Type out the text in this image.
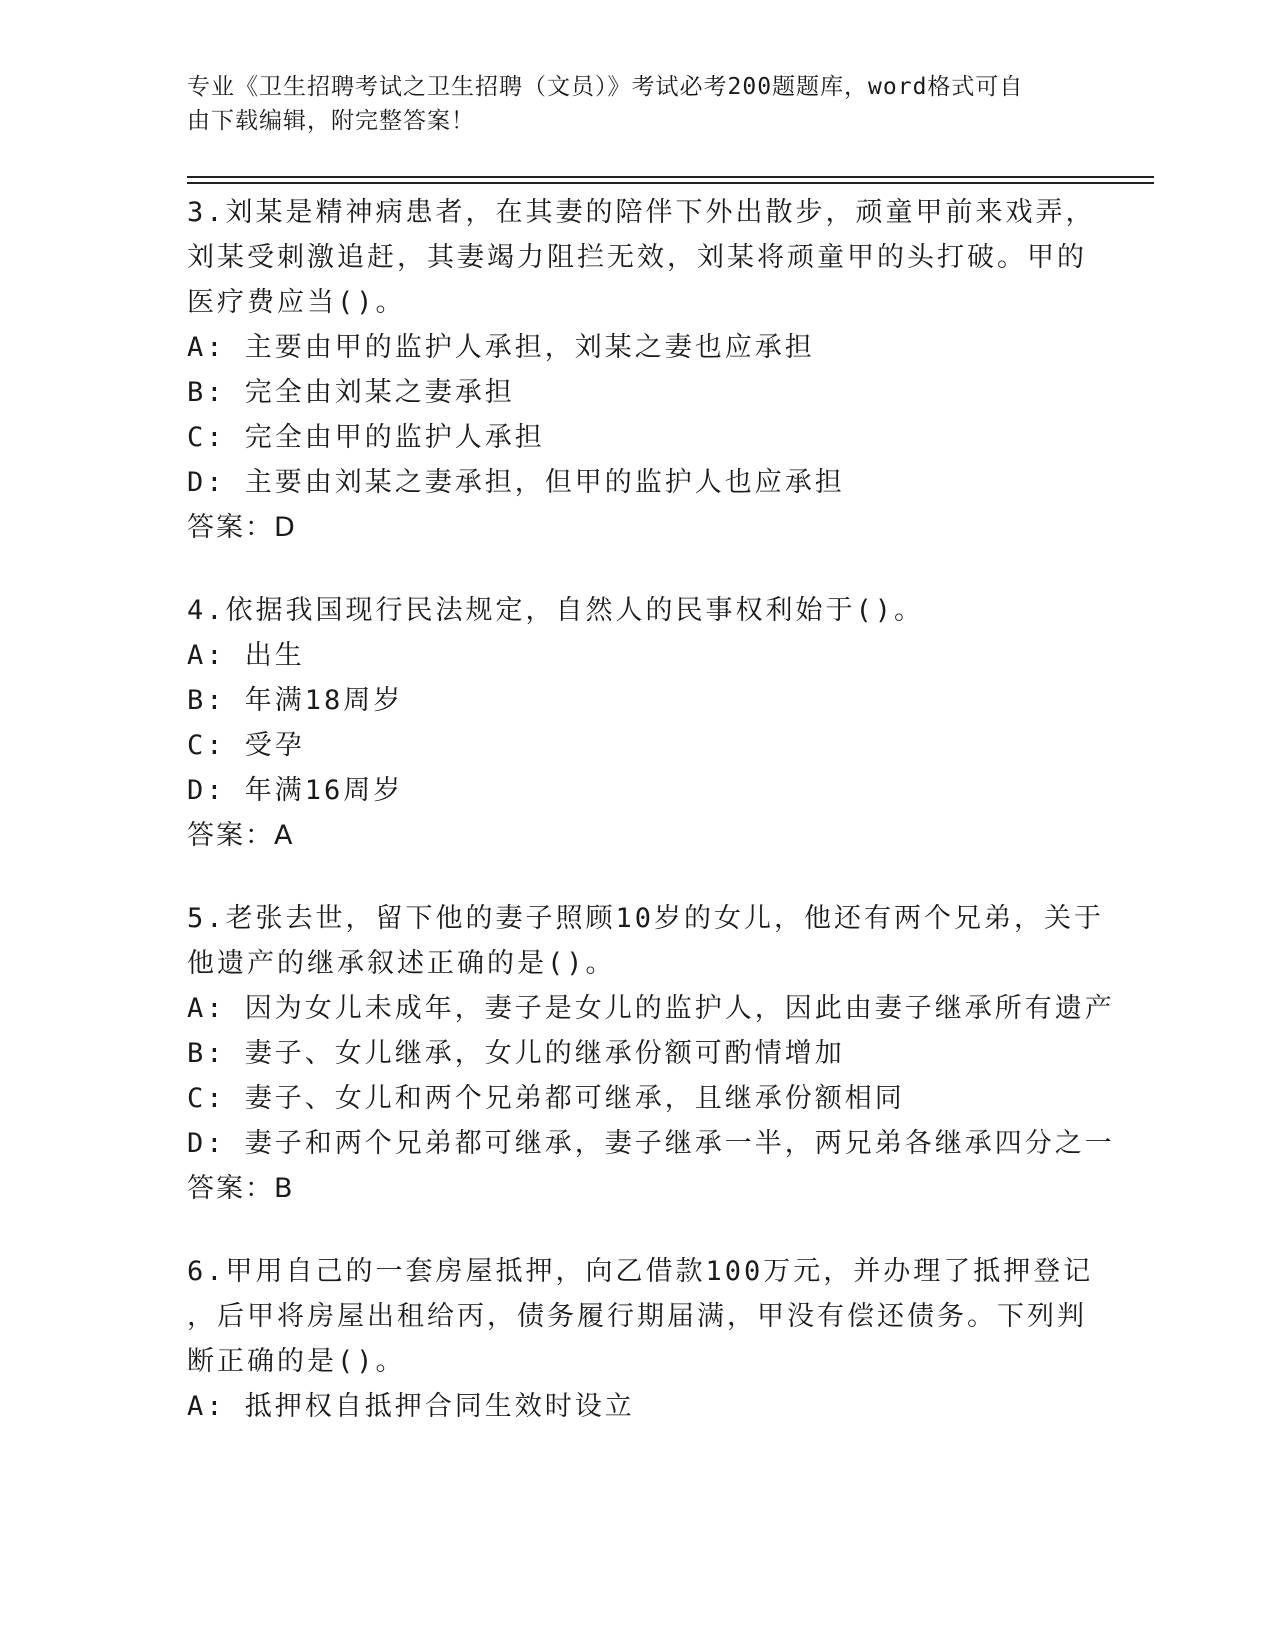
专业《卫生招聘考试之卫生招聘（文员）》考试必考200题题库，word格式可自
由下载编辑，附完整答案！
3.刘某是精神病患者，在其妻的陪伴下外出散步，顽童甲前来戏弄，
刘某受刺激追赶，其妻竭力阻拦无效，刘某将顽童甲的头打破。甲的
医疗费应当()。
A: 主要由甲的监护人承担，刘某之妻也应承担
B: 完全由刘某之妻承担
C: 完全由甲的监护人承担
D: 主要由刘某之妻承担，但甲的监护人也应承担
答案：D
4.依据我国现行民法规定，自然人的民事权利始于()。
A: 出生
B: 年满18周岁
C: 受孕
D: 年满16周岁
答案：A
5.老张去世，留下他的妻子照顾10岁的女儿，他还有两个兄弟，关于
他遗产的继承叙述正确的是()。
A: 因为女儿未成年，妻子是女儿的监护人，因此由妻子继承所有遗产
B: 妻子、女儿继承，女儿的继承份额可酌情增加
C: 妻子、女儿和两个兄弟都可继承，且继承份额相同
D: 妻子和两个兄弟都可继承，妻子继承一半，两兄弟各继承四分之一
答案：B
6.甲用自己的一套房屋抵押，向乙借款100万元，并办理了抵押登记
，后甲将房屋出租给丙，债务履行期届满，甲没有偿还债务。下列判
断正确的是()。
A: 抵押权自抵押合同生效时设立
